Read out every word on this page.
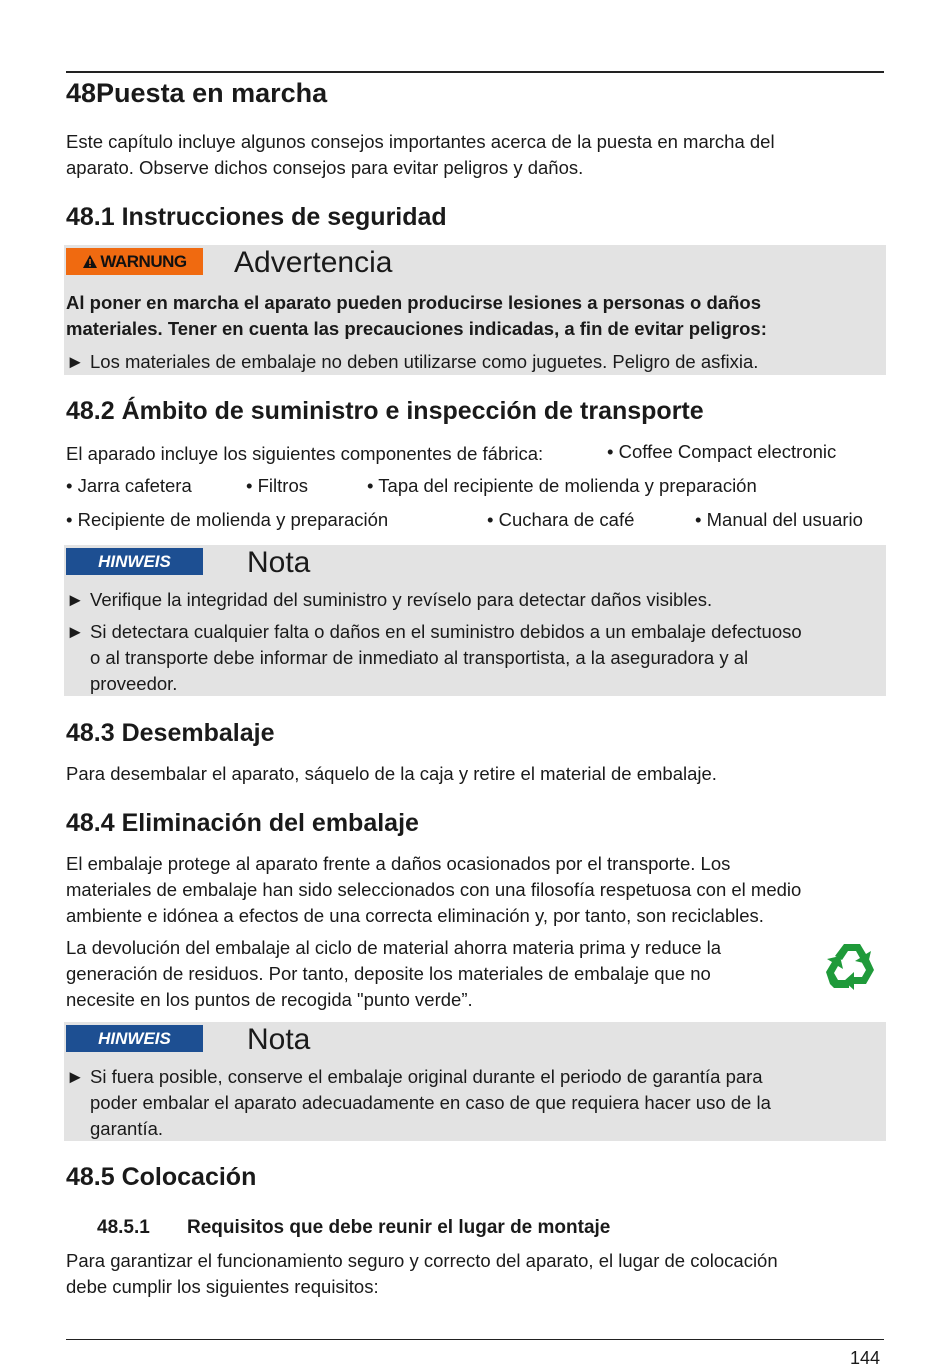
48Puesta en marcha
Este capítulo incluye algunos consejos importantes acerca de la puesta en marcha del
aparato. Observe dichos consejos para evitar peligros y daños.
48.1 Instrucciones de seguridad
WARNUNG Advertencia
Al poner en marcha el aparato pueden producirse lesiones a personas o daños
materiales. Tener en cuenta las precauciones indicadas, a fin de evitar peligros:
► Los materiales de embalaje no deben utilizarse como juguetes. Peligro de asfixia.
48.2 Ámbito de suministro e inspección de transporte
El aparado incluye los siguientes componentes de fábrica:	• Coffee Compact electronic
• Jarra cafetera	• Filtros	• Tapa del recipiente de molienda y preparación
• Recipiente de molienda y preparación	• Cuchara de café	• Manual del usuario
HINWEIS	Nota
► Verifique la integridad del suministro y revíselo para detectar daños visibles.
► Si detectara cualquier falta o daños en el suministro debidos a un embalaje defectuoso
o al transporte debe informar de inmediato al transportista, a la aseguradora y al
proveedor.
48.3 Desembalaje
Para desembalar el aparato, sáquelo de la caja y retire el material de embalaje.
48.4 Eliminación del embalaje
El embalaje protege al aparato frente a daños ocasionados por el transporte. Los
materiales de embalaje han sido seleccionados con una filosofía respetuosa con el medio
ambiente e idónea a efectos de una correcta eliminación y, por tanto, son reciclables.
La devolución del embalaje al ciclo de material ahorra materia prima y reduce la
generación de residuos. Por tanto, deposite los materiales de embalaje que no
necesite en los puntos de recogida "punto verde”.
HINWEIS	Nota
► Si fuera posible, conserve el embalaje original durante el periodo de garantía para
poder embalar el aparato adecuadamente en caso de que requiera hacer uso de la
garantía.
48.5 Colocación
48.5.1 Requisitos que debe reunir el lugar de montaje
Para garantizar el funcionamiento seguro y correcto del aparato, el lugar de colocación
debe cumplir los siguientes requisitos:
144
